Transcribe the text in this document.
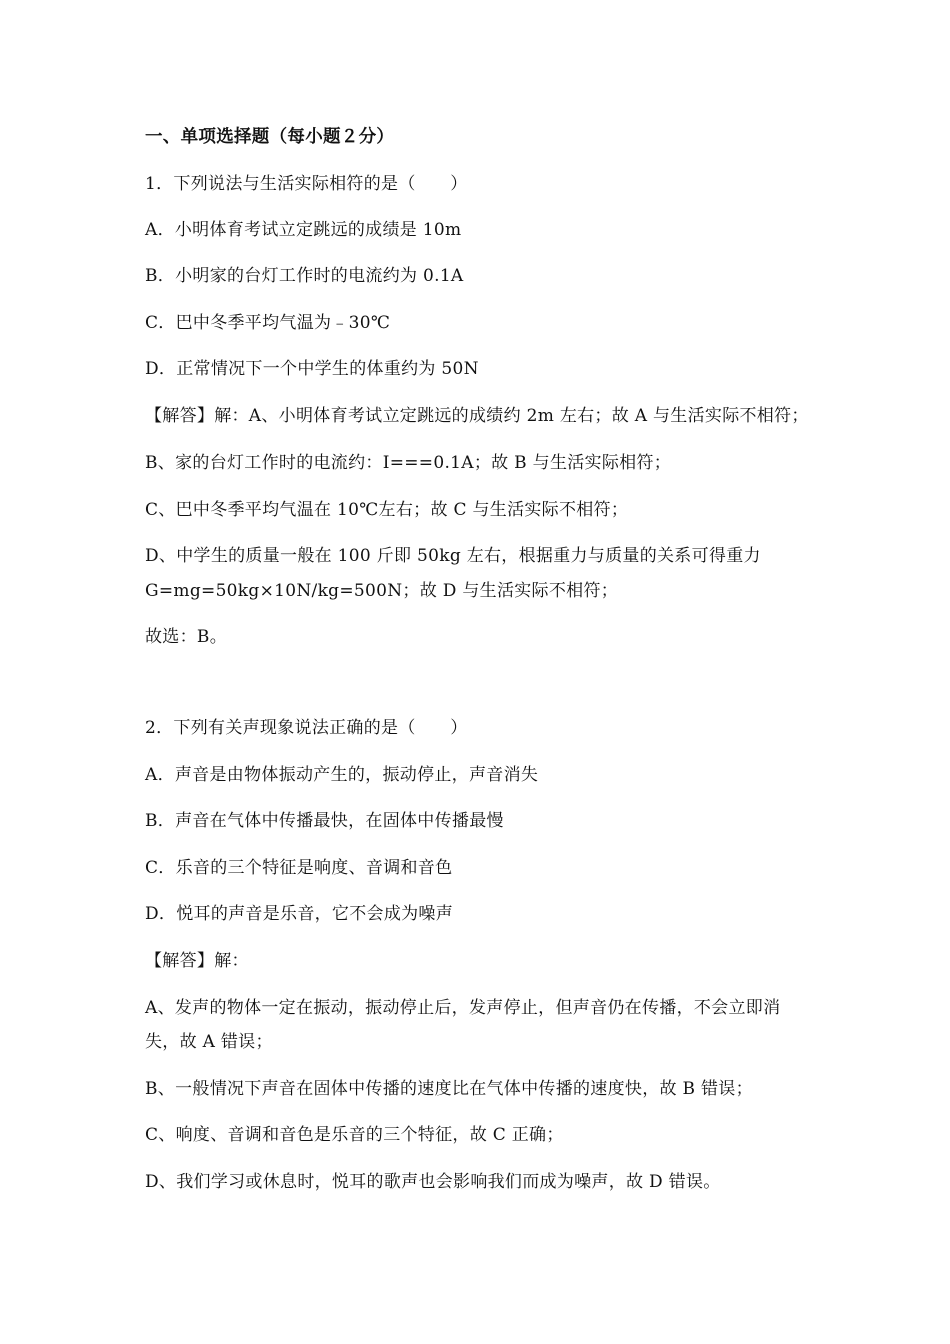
一、单项选择题（每小题２分）
1．下列说法与生活实际相符的是（　　）
A．小明体育考试立定跳远的成绩是 10m
B．小明家的台灯工作时的电流约为 0.1A
C．巴中冬季平均气温为﹣30℃
D．正常情况下一个中学生的体重约为 50N
【解答】解：A、小明体育考试立定跳远的成绩约 2m 左右；故 A 与生活实际不相符；
B、家的台灯工作时的电流约：I===0.1A；故 B 与生活实际相符；
C、巴中冬季平均气温在 10℃左右；故 C 与生活实际不相符；
D、中学生的质量一般在 100 斤即 50kg 左右，根据重力与质量的关系可得重力
G=mg=50kg×10N/kg=500N；故 D 与生活实际不相符；
故选：B。
2．下列有关声现象说法正确的是（　　）
A．声音是由物体振动产生的，振动停止，声音消失
B．声音在气体中传播最快，在固体中传播最慢
C．乐音的三个特征是响度、音调和音色
D．悦耳的声音是乐音，它不会成为噪声
【解答】解：
A、发声的物体一定在振动，振动停止后，发声停止，但声音仍在传播，不会立即消
失，故 A 错误；
B、一般情况下声音在固体中传播的速度比在气体中传播的速度快，故 B 错误；
C、响度、音调和音色是乐音的三个特征，故 C 正确；
D、我们学习或休息时，悦耳的歌声也会影响我们而成为噪声，故 D 错误。
